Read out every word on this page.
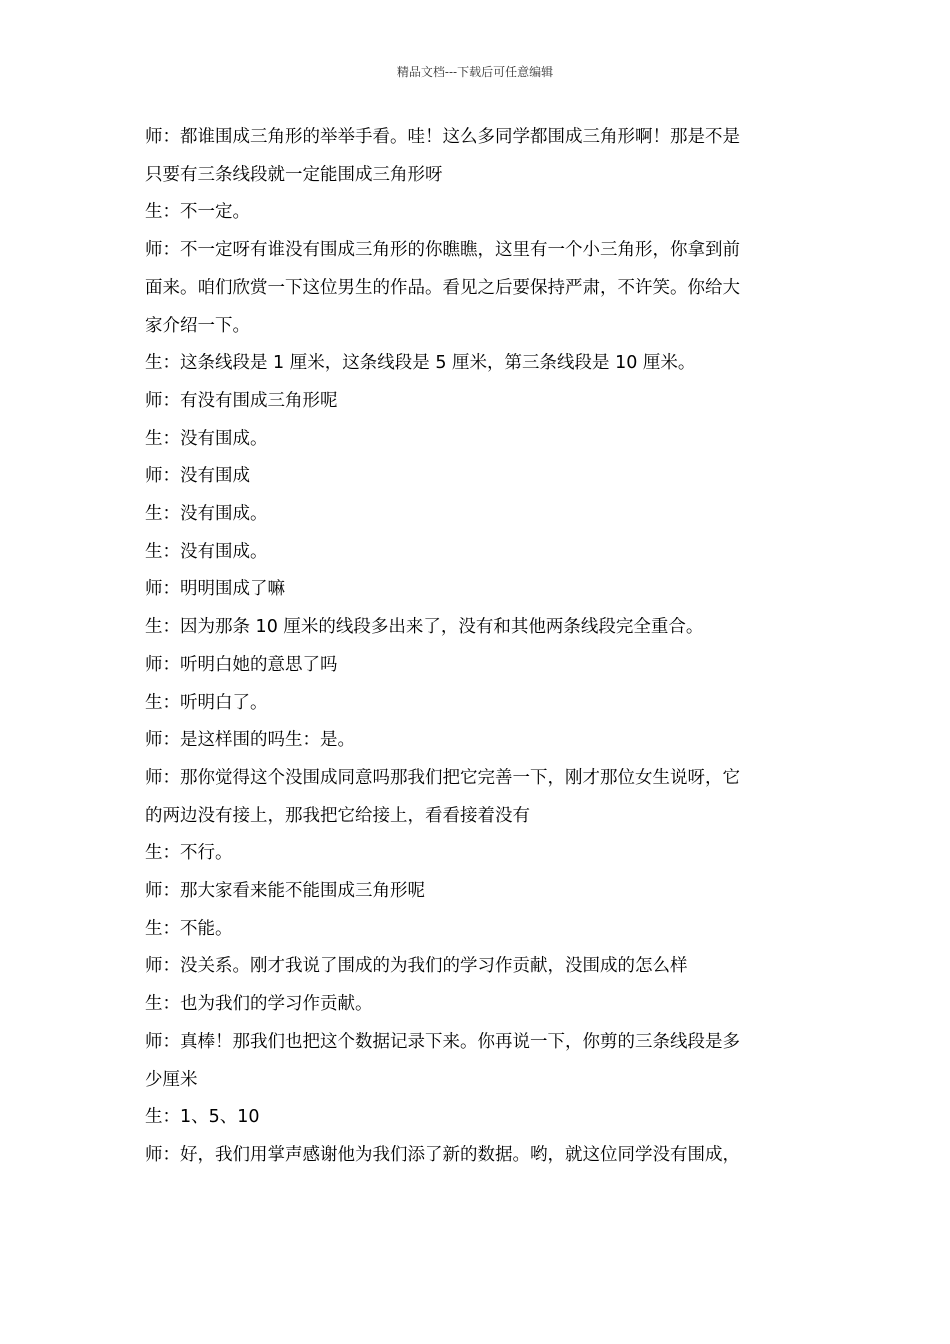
精品文档---下载后可任意编辑

师：都谁围成三角形的举举手看。哇！这么多同学都围成三角形啊！那是不是

只要有三条线段就一定能围成三角形呀

生：不一定。

师：不一定呀有谁没有围成三角形的你瞧瞧，这里有一个小三角形，你拿到前

面来。咱们欣赏一下这位男生的作品。看见之后要保持严肃，不许笑。你给大

家介绍一下。

生：这条线段是 1 厘米，这条线段是 5 厘米，第三条线段是 10 厘米。

师：有没有围成三角形呢

生：没有围成。

师：没有围成

生：没有围成。

生：没有围成。

师：明明围成了嘛

生：因为那条 10 厘米的线段多出来了，没有和其他两条线段完全重合。

师：听明白她的意思了吗

生：听明白了。

师：是这样围的吗生：是。

师：那你觉得这个没围成同意吗那我们把它完善一下，刚才那位女生说呀，它

的两边没有接上，那我把它给接上，看看接着没有

生：不行。

师：那大家看来能不能围成三角形呢

生：不能。

师：没关系。刚才我说了围成的为我们的学习作贡献，没围成的怎么样

生：也为我们的学习作贡献。

师：真棒！那我们也把这个数据记录下来。你再说一下，你剪的三条线段是多

少厘米

生：1、5、10

师：好，我们用掌声感谢他为我们添了新的数据。哟，就这位同学没有围成，
